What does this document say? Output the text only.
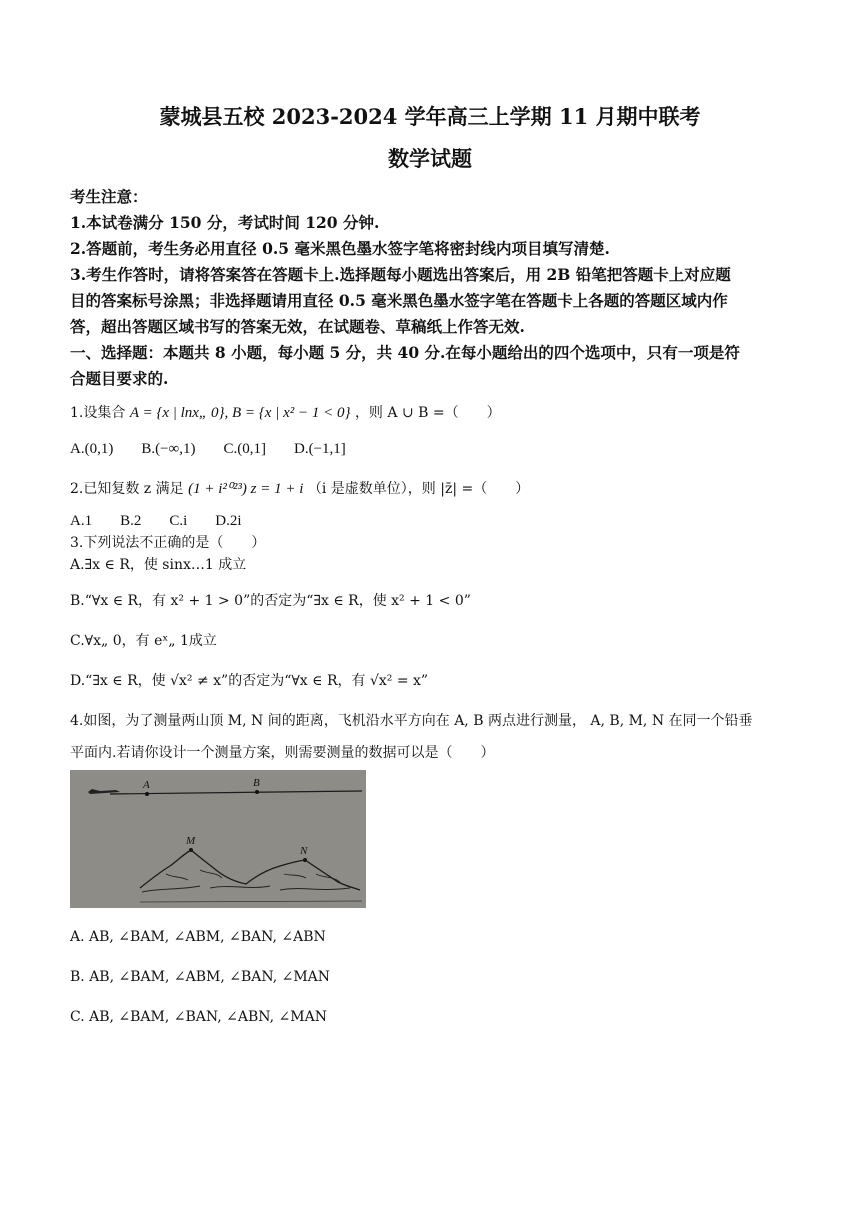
蒙城县五校 2023-2024 学年高三上学期 11 月期中联考

数学试题

考生注意：

1.本试卷满分 150 分，考试时间 120 分钟.

2.答题前，考生务必用直径 0.5 毫米黑色墨水签字笔将密封线内项目填写清楚.

3.考生作答时，请将答案答在答题卡上.选择题每小题选出答案后，用 2B 铅笔把答题卡上对应题

目的答案标号涂黑；非选择题请用直径 0.5 毫米黑色墨水签字笔在答题卡上各题的答题区域内作

答，超出答题区域书写的答案无效，在试题卷、草稿纸上作答无效.

一、选择题：本题共 8 小题，每小题 5 分，共 40 分.在每小题给出的四个选项中，只有一项是符

合题目要求的.

1.设集合 A = {x | lnx„ 0}, B = {x | x² − 1 < 0} ，则 A ∪ B =（　　）

A.(0,1) B.(−∞,1) C.(0,1] D.(−1,1]

2.已知复数 z 满足 (1 + i²⁰²³) z = 1 + i （i 是虚数单位），则 |z̄| =（　　）

A.1 B.2 C.i D.2i

3.下列说法不正确的是（　　）

A.∃x ∈ R，使 sinx…1 成立

B.“∀x ∈ R，有 x² + 1 > 0”的否定为“∃x ∈ R，使 x² + 1 < 0”

C.∀x„ 0，有 eˣ„ 1成立

D.“∃x ∈ R，使 √x² ≠ x”的否定为“∀x ∈ R，有 √x² = x”

4.如图，为了测量两山顶 M, N 间的距离，飞机沿水平方向在 A, B 两点进行测量， A, B, M, N 在同一个铅垂

平面内.若请你设计一个测量方案，则需要测量的数据可以是（　　）

A	B
M
N

A. AB, ∠BAM, ∠ABM, ∠BAN, ∠ABN

B. AB, ∠BAM, ∠ABM, ∠BAN, ∠MAN

C. AB, ∠BAM, ∠BAN, ∠ABN, ∠MAN
